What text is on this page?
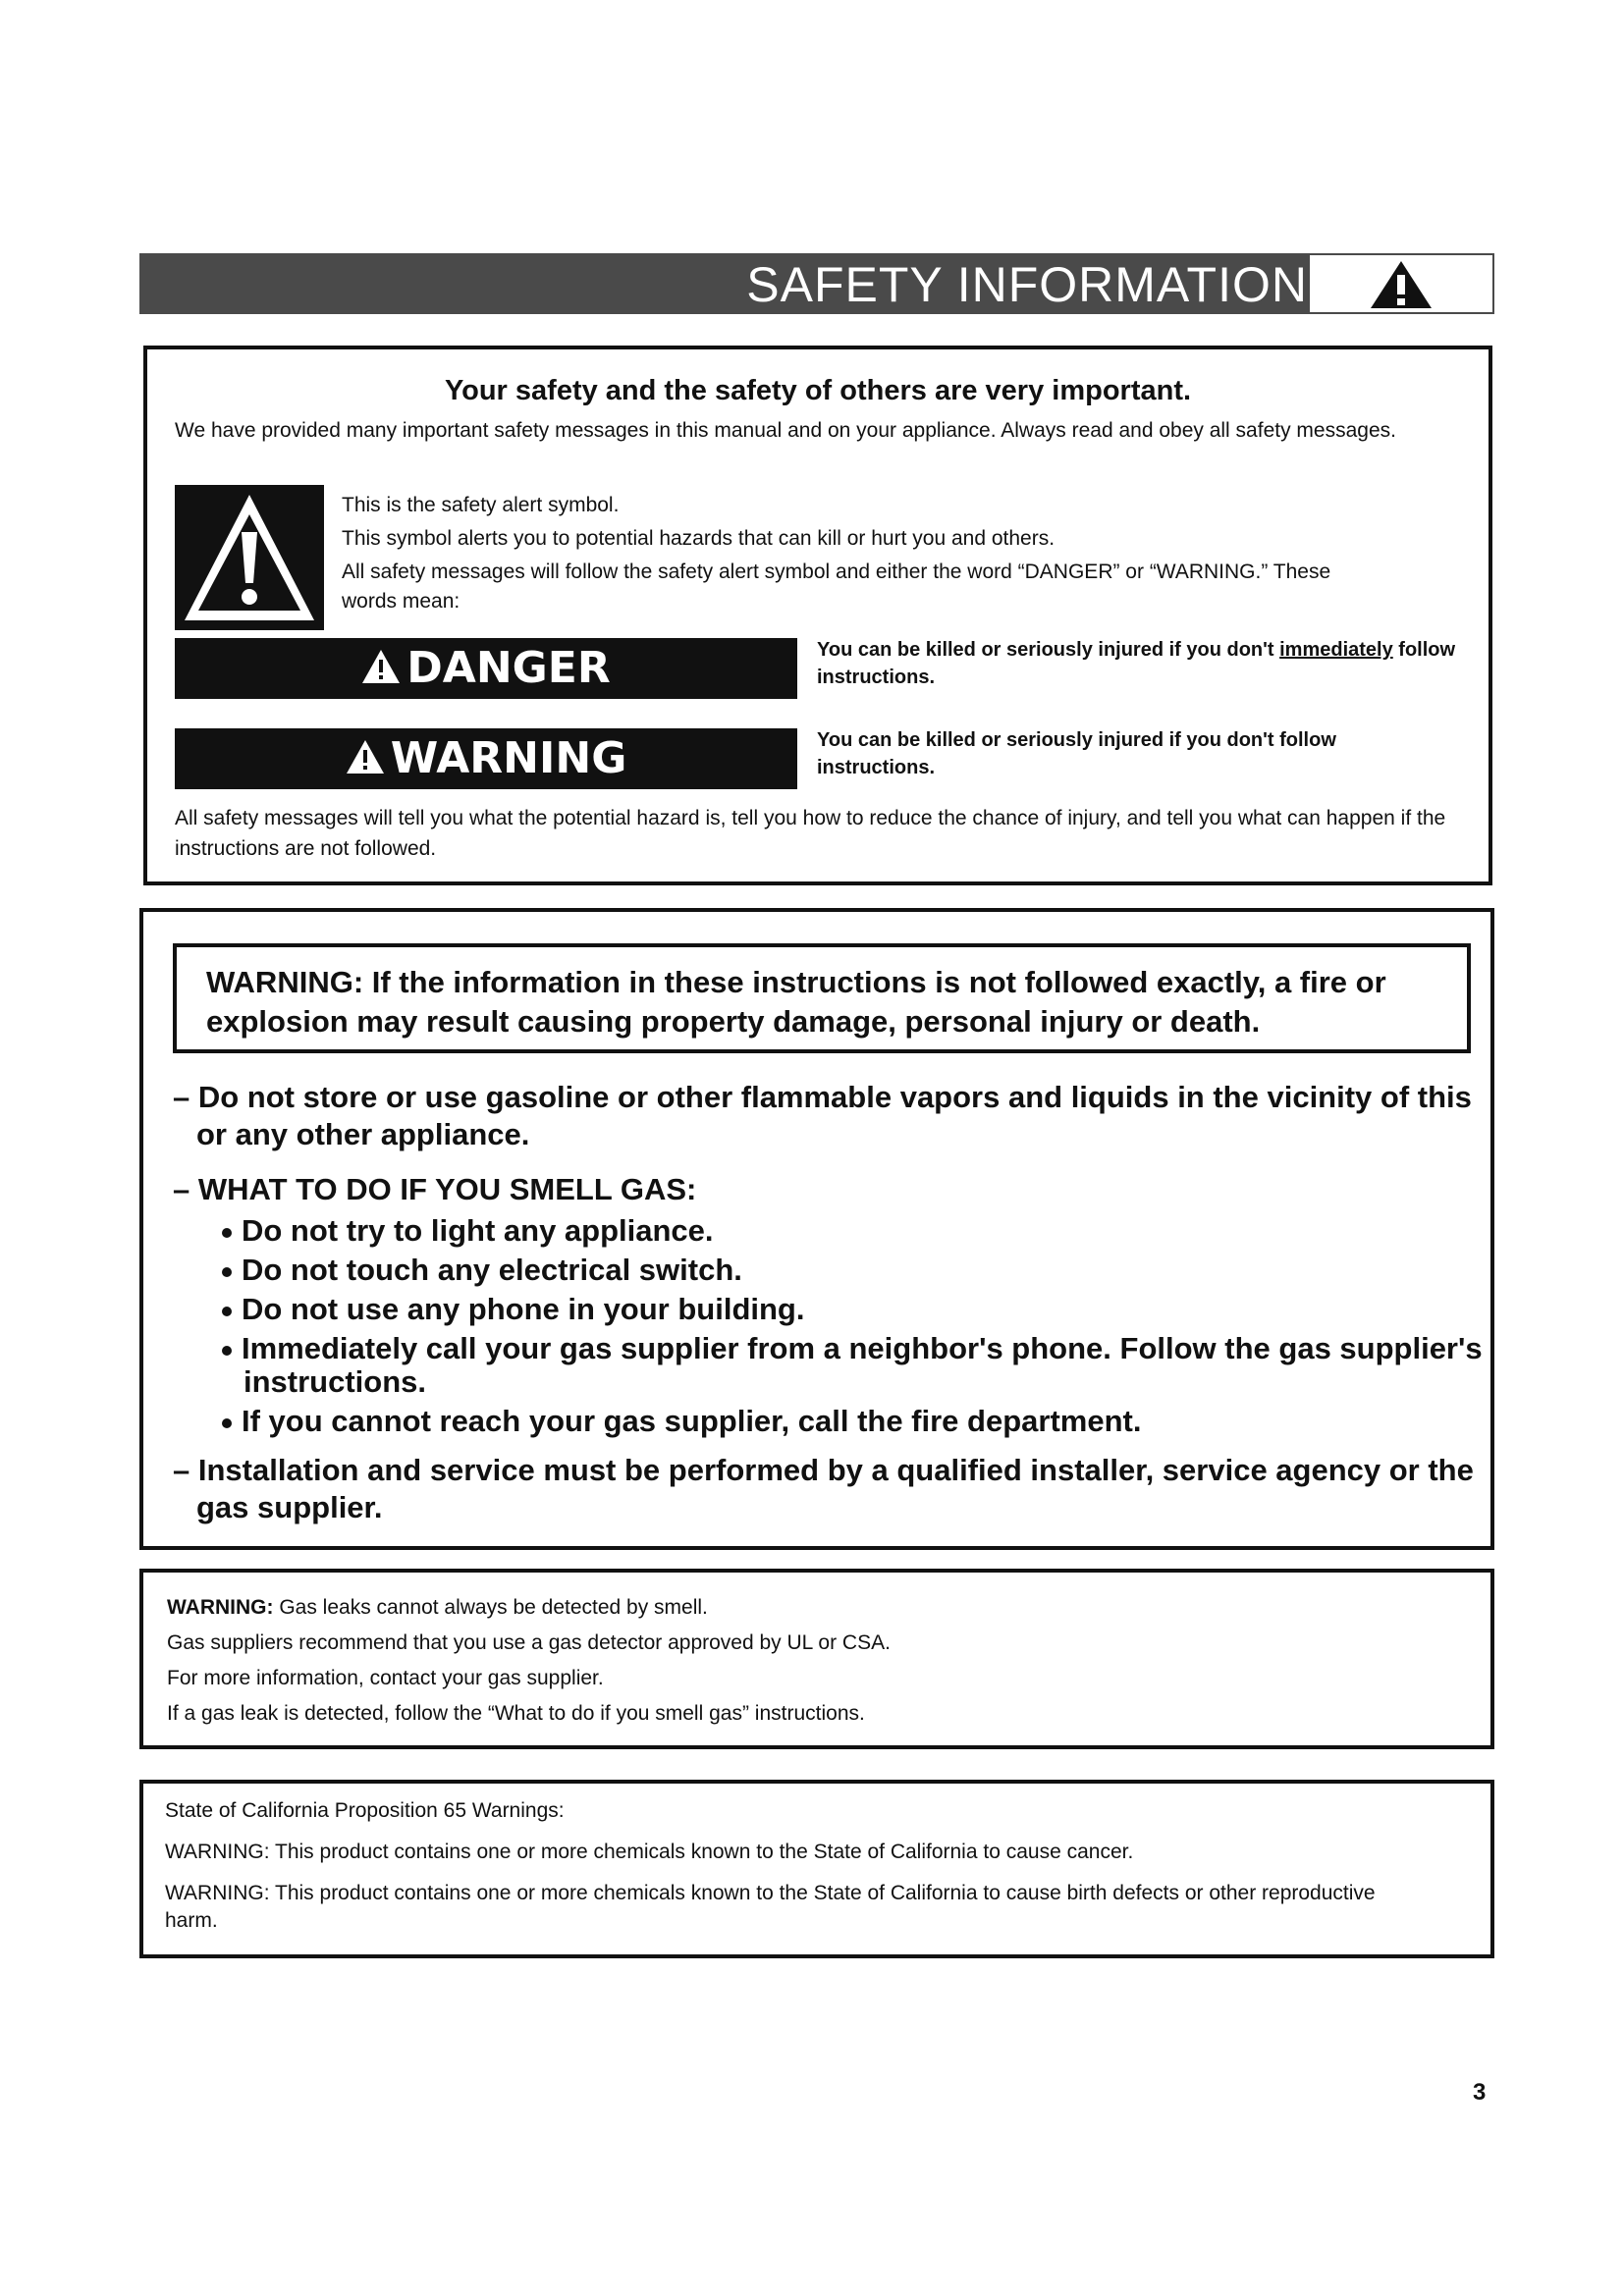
SAFETY INFORMATION
Your safety and the safety of others are very important.
We have provided many important safety messages in this manual and on your appliance. Always read and obey all safety messages.
This is the safety alert symbol.
This symbol alerts you to potential hazards that can kill or hurt you and others.
All safety messages will follow the safety alert symbol and either the word “DANGER” or “WARNING.” These words mean:
DANGER	You can be killed or seriously injured if you don't immediately follow instructions.
WARNING	You can be killed or seriously injured if you don't follow instructions.
All safety messages will tell you what the potential hazard is, tell you how to reduce the chance of injury, and tell you what can happen if the instructions are not followed.
WARNING: If the information in these instructions is not followed exactly, a fire or explosion may result causing property damage, personal injury or death.
– Do not store or use gasoline or other flammable vapors and liquids in the vicinity of this or any other appliance.
– WHAT TO DO IF YOU SMELL GAS:
Do not try to light any appliance.
Do not touch any electrical switch.
Do not use any phone in your building.
Immediately call your gas supplier from a neighbor's phone. Follow the gas supplier's instructions.
If you cannot reach your gas supplier, call the fire department.
– Installation and service must be performed by a qualified installer, service agency or the gas supplier.
WARNING: Gas leaks cannot always be detected by smell.
Gas suppliers recommend that you use a gas detector approved by UL or CSA.
For more information, contact your gas supplier.
If a gas leak is detected, follow the “What to do if you smell gas” instructions.
State of California Proposition 65 Warnings:
WARNING: This product contains one or more chemicals known to the State of California to cause cancer.
WARNING: This product contains one or more chemicals known to the State of California to cause birth defects or other reproductive harm.
3
